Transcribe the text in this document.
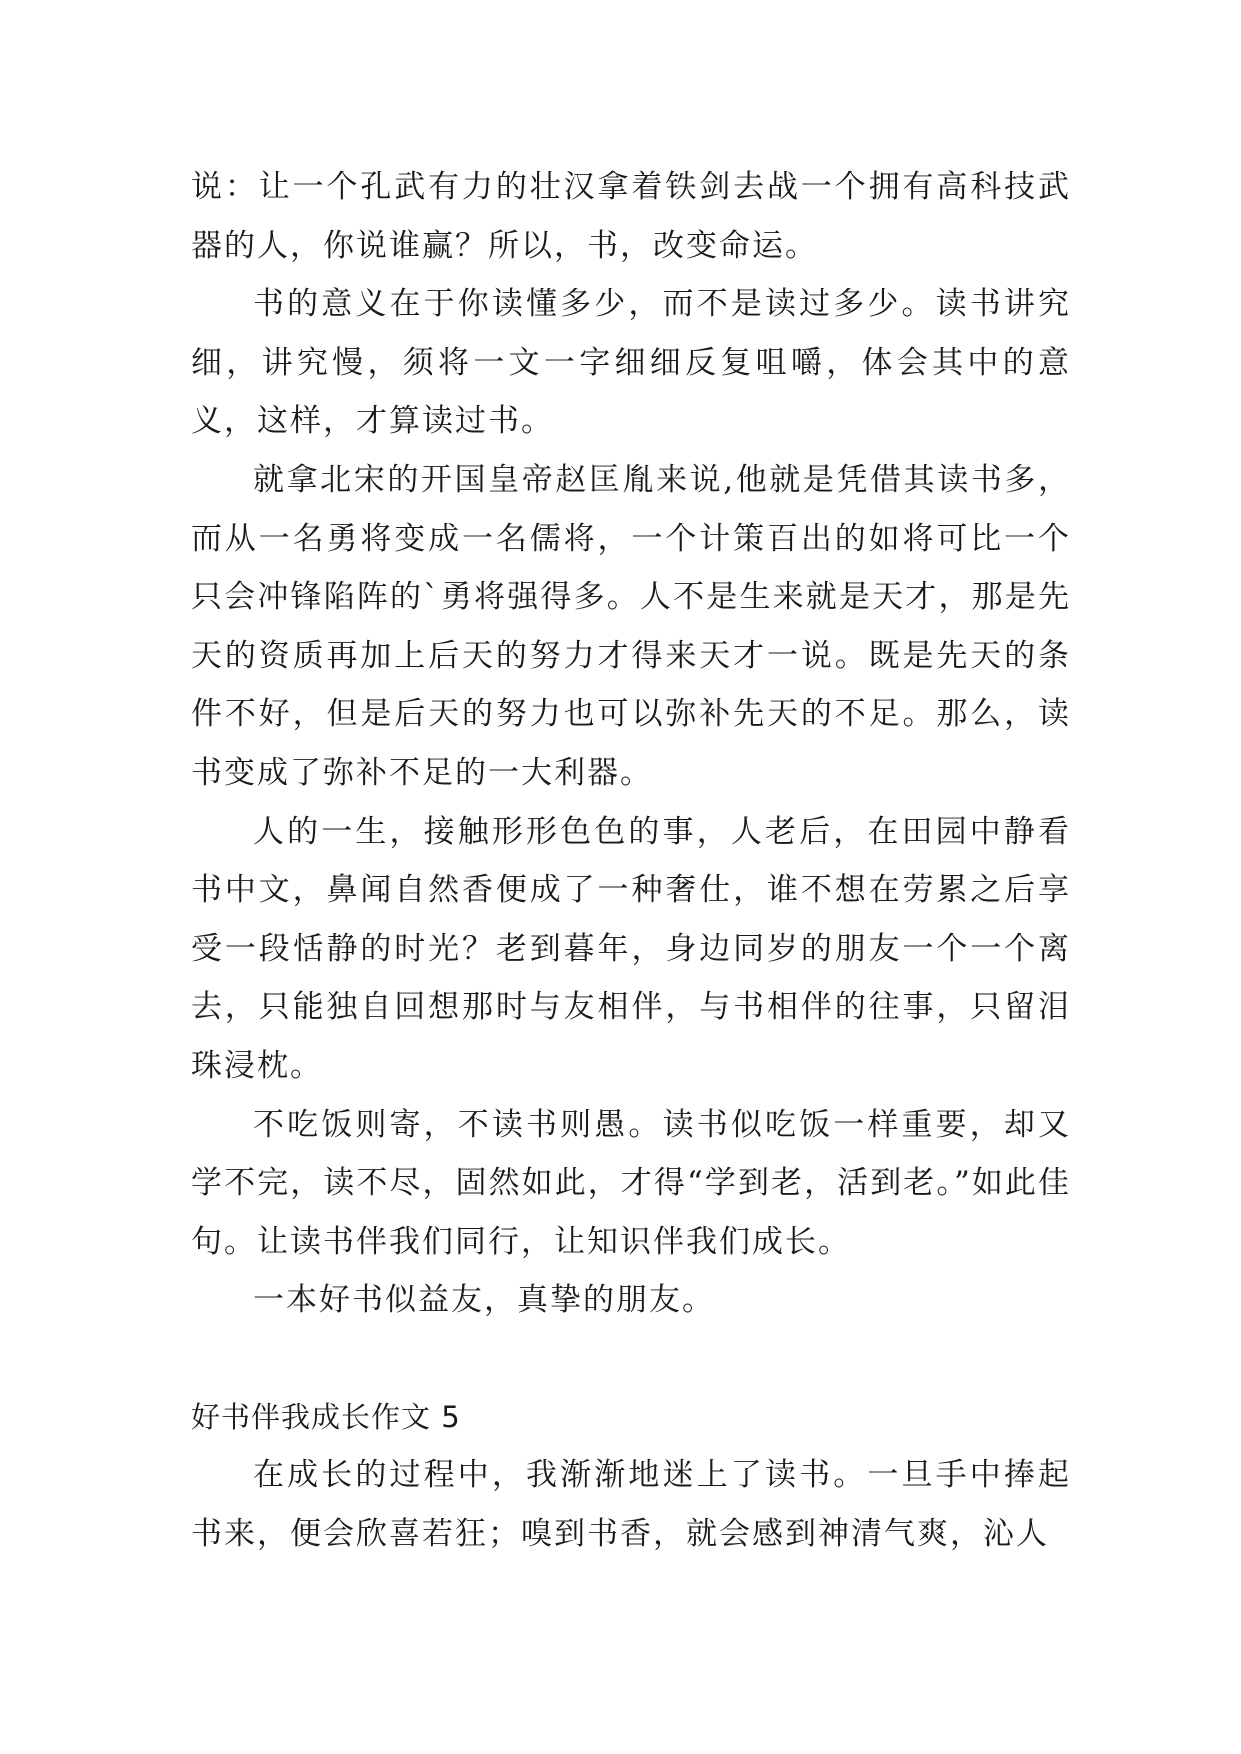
说：让一个孔武有力的壮汉拿着铁剑去战一个拥有高科技武器的人，你说谁赢？所以，书，改变命运。

书的意义在于你读懂多少，而不是读过多少。读书讲究细，讲究慢，须将一文一字细细反复咀嚼，体会其中的意义，这样，才算读过书。

就拿北宋的开国皇帝赵匡胤来说,他就是凭借其读书多，而从一名勇将变成一名儒将，一个计策百出的如将可比一个只会冲锋陷阵的`勇将强得多。人不是生来就是天才，那是先天的资质再加上后天的努力才得来天才一说。既是先天的条件不好，但是后天的努力也可以弥补先天的不足。那么，读书变成了弥补不足的一大利器。

人的一生，接触形形色色的事，人老后，在田园中静看书中文，鼻闻自然香便成了一种奢仕，谁不想在劳累之后享受一段恬静的时光？老到暮年，身边同岁的朋友一个一个离去，只能独自回想那时与友相伴，与书相伴的往事，只留泪珠浸枕。

不吃饭则寄，不读书则愚。读书似吃饭一样重要，却又学不完，读不尽，固然如此，才得“学到老，活到老。”如此佳句。让读书伴我们同行，让知识伴我们成长。

一本好书似益友，真挚的朋友。

好书伴我成长作文 5

在成长的过程中，我渐渐地迷上了读书。一旦手中捧起书来，便会欣喜若狂；嗅到书香，就会感到神清气爽，沁人
